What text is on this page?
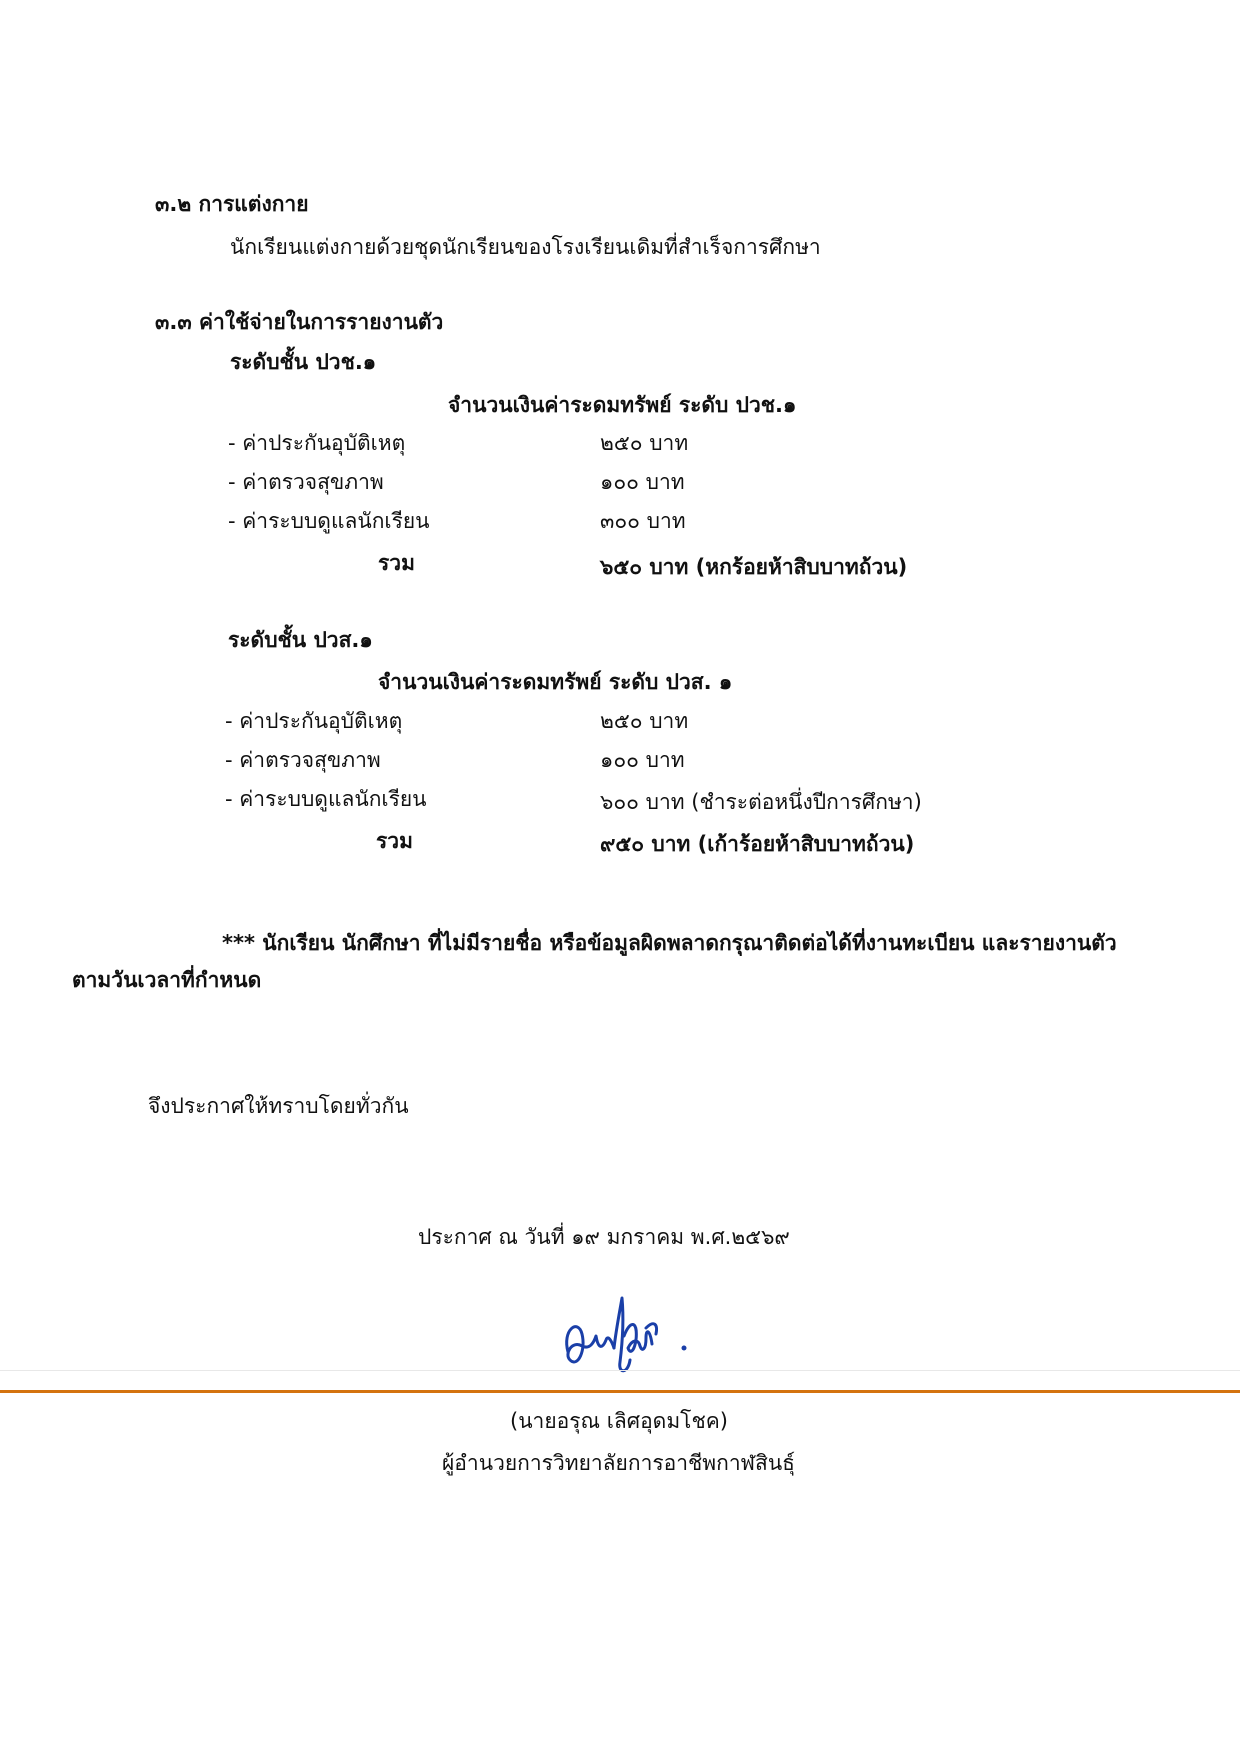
๓.๒ การแต่งกาย
นักเรียนแต่งกายด้วยชุดนักเรียนของโรงเรียนเดิมที่สำเร็จการศึกษา
๓.๓ ค่าใช้จ่ายในการรายงานตัว
ระดับชั้น ปวช.๑
จำนวนเงินค่าระดมทรัพย์ ระดับ ปวช.๑
- ค่าประกันอุบัติเหตุ	๒๕๐ บาท
- ค่าตรวจสุขภาพ	๑๐๐ บาท
- ค่าระบบดูแลนักเรียน	๓๐๐ บาท
รวม	๖๕๐ บาท (หกร้อยห้าสิบบาทถ้วน)
ระดับชั้น ปวส.๑
จำนวนเงินค่าระดมทรัพย์ ระดับ ปวส. ๑
- ค่าประกันอุบัติเหตุ	๒๕๐ บาท
- ค่าตรวจสุขภาพ	๑๐๐ บาท
- ค่าระบบดูแลนักเรียน	๖๐๐ บาท (ชำระต่อหนึ่งปีการศึกษา)
รวม	๙๕๐ บาท (เก้าร้อยห้าสิบบาทถ้วน)
*** นักเรียน นักศึกษา ที่ไม่มีรายชื่อ หรือข้อมูลผิดพลาดกรุณาติดต่อได้ที่งานทะเบียน และรายงานตัว
ตามวันเวลาที่กำหนด
จึงประกาศให้ทราบโดยทั่วกัน
ประกาศ ณ วันที่ ๑๙ มกราคม พ.ศ.๒๕๖๙
(นายอรุณ เลิศอุดมโชค)
ผู้อำนวยการวิทยาลัยการอาชีพกาฬสินธุ์
